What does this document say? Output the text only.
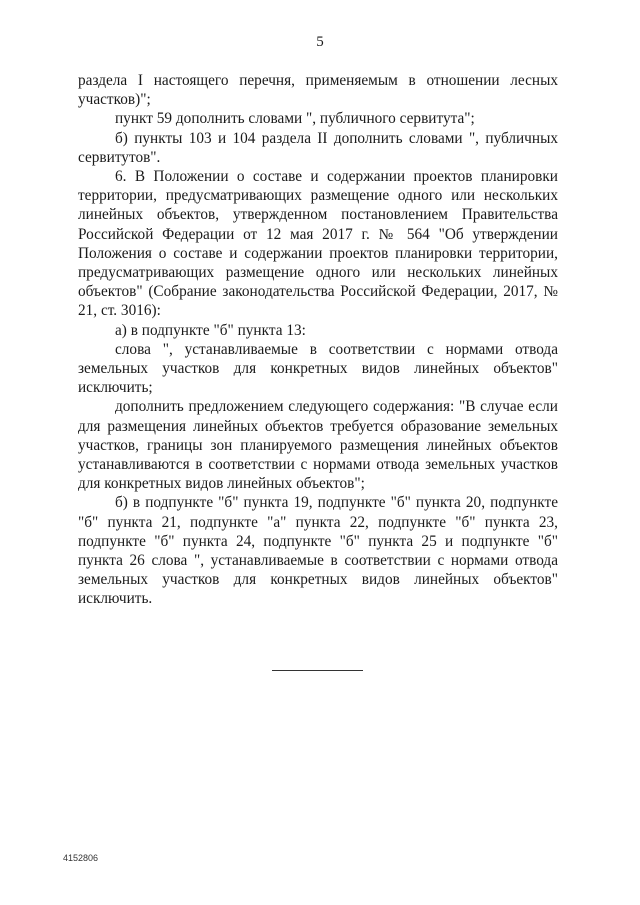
5

раздела I настоящего перечня, применяемым в отношении лесных участков)";

пункт 59 дополнить словами ", публичного сервитута";

б) пункты 103 и 104 раздела II дополнить словами ", публичных сервитутов".

6. В Положении о составе и содержании проектов планировки территории, предусматривающих размещение одного или нескольких линейных объектов, утвержденном постановлением Правительства Российской Федерации от 12 мая 2017 г. № 564 "Об утверждении Положения о составе и содержании проектов планировки территории, предусматривающих размещение одного или нескольких линейных объектов" (Собрание законодательства Российской Федерации, 2017, № 21, ст. 3016):

а) в подпункте "б" пункта 13:

слова ", устанавливаемые в соответствии с нормами отвода земельных участков для конкретных видов линейных объектов" исключить;

дополнить предложением следующего содержания: "В случае если для размещения линейных объектов требуется образование земельных участков, границы зон планируемого размещения линейных объектов устанавливаются в соответствии с нормами отвода земельных участков для конкретных видов линейных объектов";

б) в подпункте "б" пункта 19, подпункте "б" пункта 20, подпункте "б" пункта 21, подпункте "а" пункта 22, подпункте "б" пункта 23, подпункте "б" пункта 24, подпункте "б" пункта 25 и подпункте "б" пункта 26 слова ", устанавливаемые в соответствии с нормами отвода земельных участков для конкретных видов линейных объектов" исключить.

4152806
